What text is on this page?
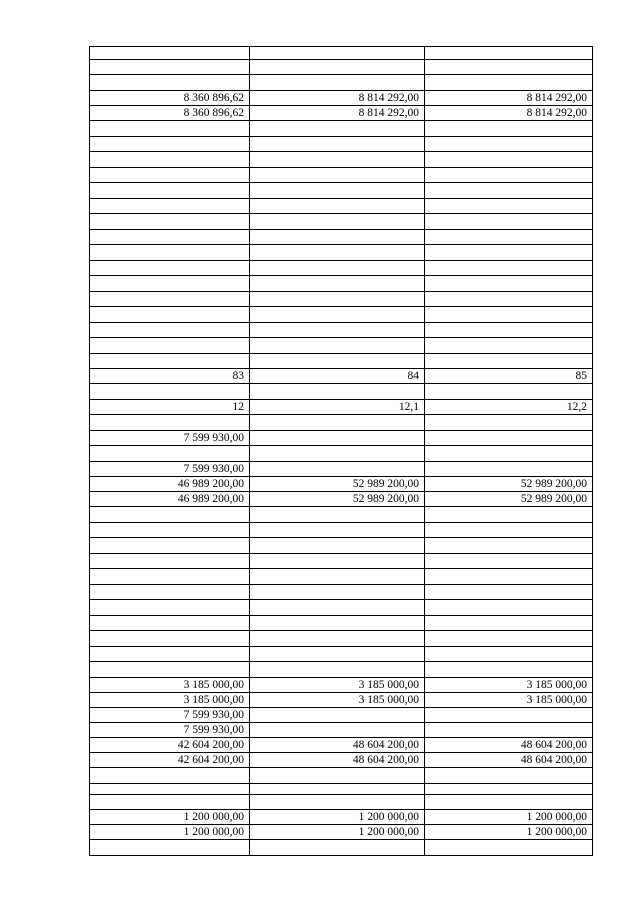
8 360 896,62	8 814 292,00	8 814 292,00
8 360 896,62	8 814 292,00	8 814 292,00

83	84	85

12	12,1	12,2

7 599 930,00		

7 599 930,00		
46 989 200,00	52 989 200,00	52 989 200,00
46 989 200,00	52 989 200,00	52 989 200,00

3 185 000,00	3 185 000,00	3 185 000,00
3 185 000,00	3 185 000,00	3 185 000,00
7 599 930,00		
7 599 930,00		
42 604 200,00	48 604 200,00	48 604 200,00
42 604 200,00	48 604 200,00	48 604 200,00

1 200 000,00	1 200 000,00	1 200 000,00
1 200 000,00	1 200 000,00	1 200 000,00
